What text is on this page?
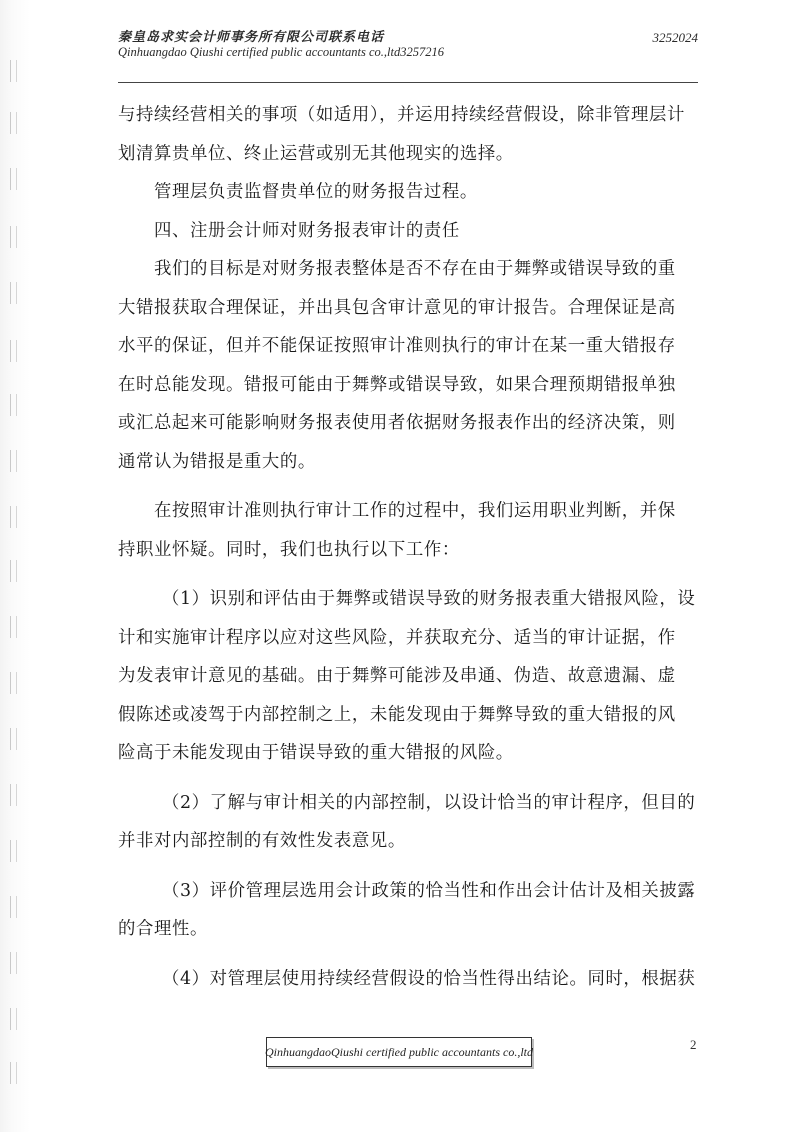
秦皇岛求实会计师事务所有限公司联系电话
Qinhuangdao Qiushi certified public accountants co.,ltd3257216
3252024
与持续经营相关的事项（如适用），并运用持续经营假设，除非管理层计
划清算贵单位、终止运营或别无其他现实的选择。
管理层负责监督贵单位的财务报告过程。
四、注册会计师对财务报表审计的责任
我们的目标是对财务报表整体是否不存在由于舞弊或错误导致的重
大错报获取合理保证，并出具包含审计意见的审计报告。合理保证是高
水平的保证，但并不能保证按照审计准则执行的审计在某一重大错报存
在时总能发现。错报可能由于舞弊或错误导致，如果合理预期错报单独
或汇总起来可能影响财务报表使用者依据财务报表作出的经济决策，则
通常认为错报是重大的。
在按照审计准则执行审计工作的过程中，我们运用职业判断，并保
持职业怀疑。同时，我们也执行以下工作：
（1）识别和评估由于舞弊或错误导致的财务报表重大错报风险，设
计和实施审计程序以应对这些风险，并获取充分、适当的审计证据，作
为发表审计意见的基础。由于舞弊可能涉及串通、伪造、故意遗漏、虚
假陈述或凌驾于内部控制之上，未能发现由于舞弊导致的重大错报的风
险高于未能发现由于错误导致的重大错报的风险。
（2）了解与审计相关的内部控制，以设计恰当的审计程序，但目的
并非对内部控制的有效性发表意见。
（3）评价管理层选用会计政策的恰当性和作出会计估计及相关披露
的合理性。
（4）对管理层使用持续经营假设的恰当性得出结论。同时，根据获
2
QinhuangdaoQiushi certified public accountants co.,ltd
